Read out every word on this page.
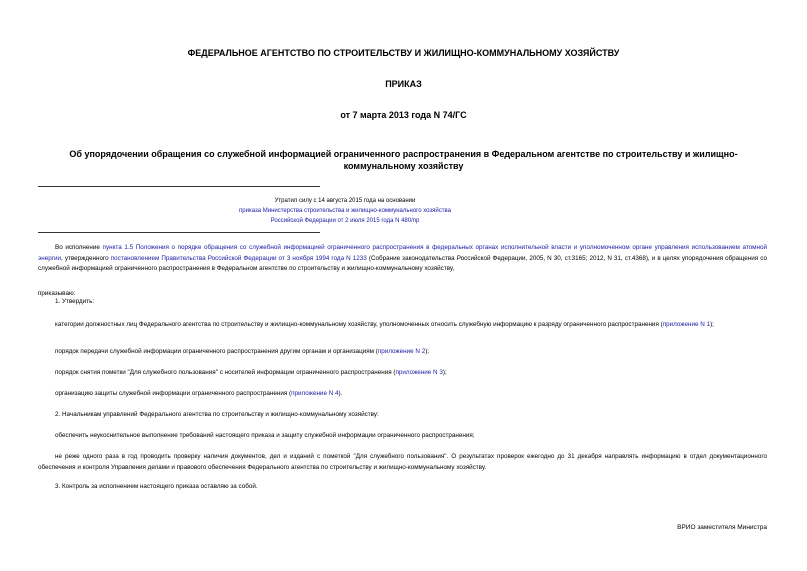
ФЕДЕРАЛЬНОЕ АГЕНТСТВО ПО СТРОИТЕЛЬСТВУ И ЖИЛИЩНО-КОММУНАЛЬНОМУ ХОЗЯЙСТВУ
ПРИКАЗ
от 7 марта 2013 года N 74/ГС
Об упорядочении обращения со служебной информацией ограниченного распространения в Федеральном агентстве по строительству и жилищно-коммунальному хозяйству
Утратил силу с 14 августа 2015 года на основании
приказа Министерства строительства и жилищно-коммунального хозяйства
Российской Федерации от 2 июля 2015 года N 480/пр
Во исполнение пункта 1.5 Положения о порядке обращения со служебной информацией ограниченного распространения в федеральных органах исполнительной власти и уполномоченном органе управления использованием атомной энергии, утвержденного постановлением Правительства Российской Федерации от 3 ноября 1994 года N 1233 (Собрание законодательства Российской Федерации, 2005, N 30, ст.3165; 2012, N 31, ст.4368), и в целях упорядочения обращения со служебной информацией ограниченного распространения в Федеральном агентстве по строительству и жилищно-коммунальному хозяйству,
приказываю:
1. Утвердить:
категории должностных лиц Федерального агентства по строительству и жилищно-коммунальному хозяйству, уполномоченных относить служебную информацию к разряду ограниченного распространения (приложение N 1);
порядок передачи служебной информации ограниченного распространения другим органам и организациям (приложение N 2);
порядок снятия пометки "Для служебного пользования" с носителей информации ограниченного распространения (приложение N 3);
организацию защиты служебной информации ограниченного распространения (приложение N 4).
2. Начальникам управлений Федерального агентства по строительству и жилищно-коммунальному хозяйству:
обеспечить неукоснительное выполнение требований настоящего приказа и защиту служебной информации ограниченного распространения;
не реже одного раза в год проводить проверку наличия документов, дел и изданий с пометкой "Для служебного пользования". О результатах проверок ежегодно до 31 декабря направлять информацию в отдел документационного обеспечения и контроля Управления делами и правового обеспечения Федерального агентства по строительству и жилищно-коммунальному хозяйству.
3. Контроль за исполнением настоящего приказа оставляю за собой.
ВРИО заместителя Министра
